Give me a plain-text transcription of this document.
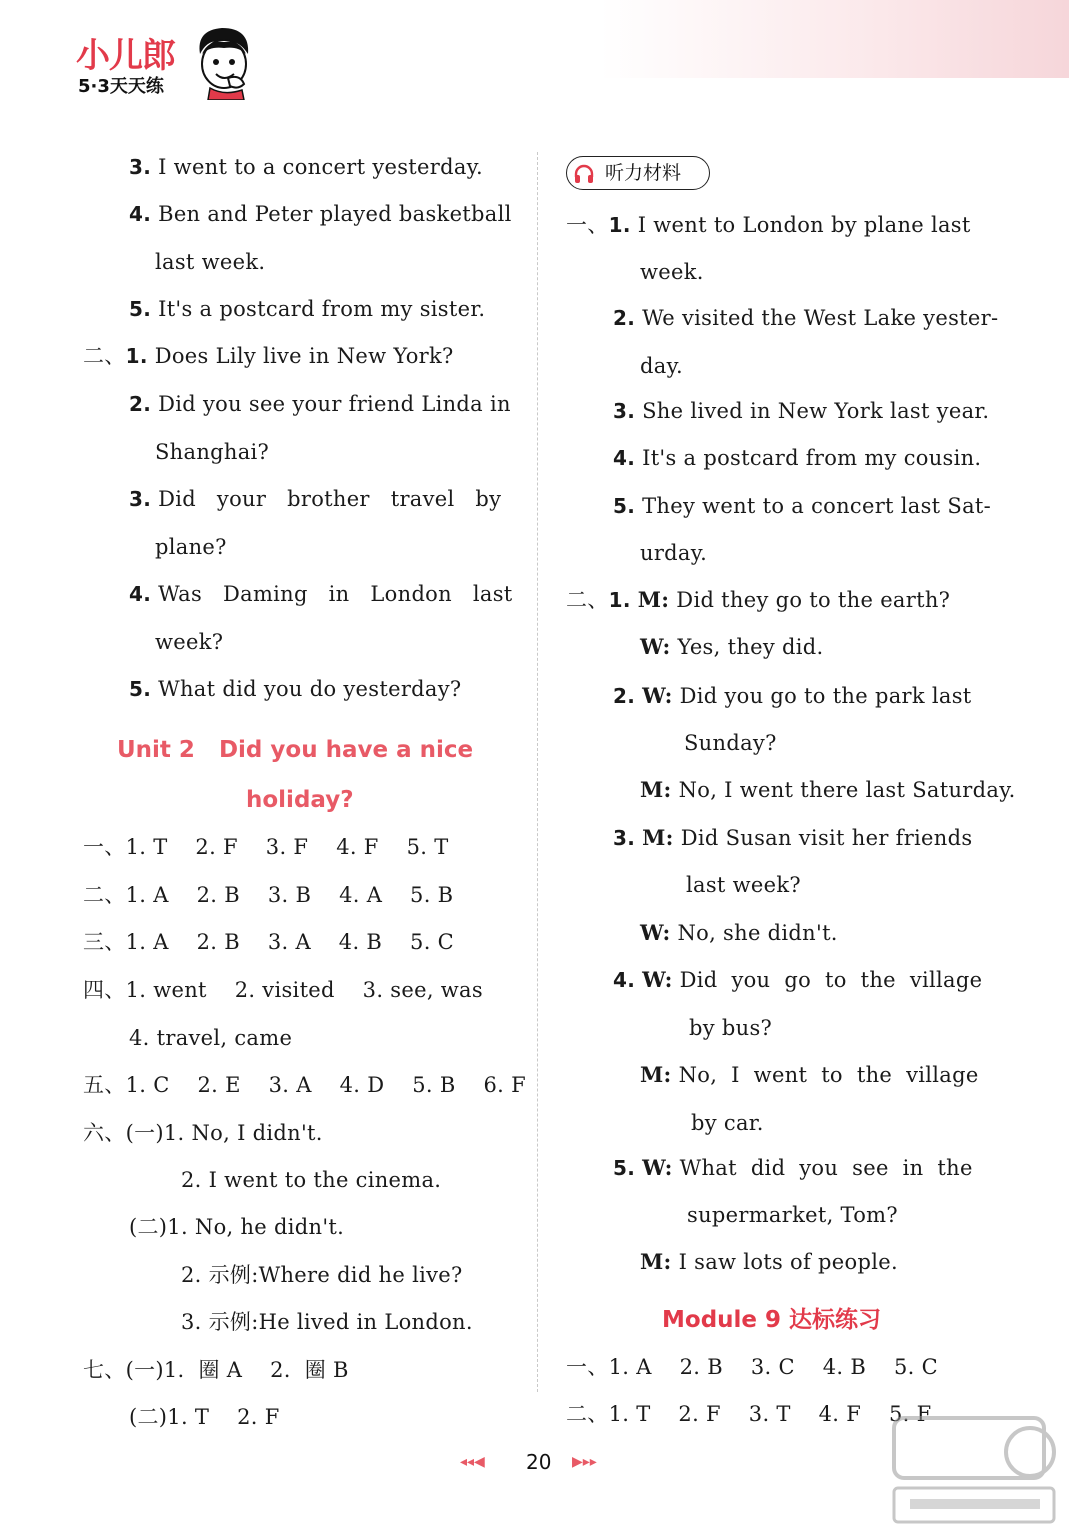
小儿郎
5·3天天练
3. I went to a concert yesterday.
4. Ben and Peter played basketball
last week.
5. It's a postcard from my sister.
二、1. Does Lily live in New York?
2. Did you see your friend Linda in
Shanghai?
3. Did   your   brother   travel   by
plane?
4. Was   Daming   in   London   last
week?
5. What did you do yesterday?
Unit 2   Did you have a nice
holiday?
一、1. T    2. F    3. F    4. F    5. T
二、1. A    2. B    3. B    4. A    5. B
三、1. A    2. B    3. A    4. B    5. C
四、1. went    2. visited    3. see, was
4. travel, came
五、1. C    2. E    3. A    4. D    5. B    6. F
六、(一)1. No, I didn't.
2. I went to the cinema.
(二)1. No, he didn't.
2. 示例:Where did he live?
3. 示例:He lived in London.
七、(一)1.  圈 A    2.  圈 B
(二)1. T    2. F
听力材料
一、1. I went to London by plane last
week.
2. We visited the West Lake yester-
day.
3. She lived in New York last year.
4. It's a postcard from my cousin.
5. They went to a concert last Sat-
urday.
二、1. M: Did they go to the earth?
W: Yes, they did.
2. W: Did you go to the park last
Sunday?
M: No, I went there last Saturday.
3. M: Did Susan visit her friends
last week?
W: No, she didn't.
4. W: Did  you  go  to  the  village
by bus?
M: No,  I  went  to  the  village
by car.
5. W: What  did  you  see  in  the
supermarket, Tom?
M: I saw lots of people.
Module 9 达标练习
一、1. A    2. B    3. C    4. B    5. C
二、1. T    2. F    3. T    4. F    5. F
◂◂◀ 20 ▶▸▸
